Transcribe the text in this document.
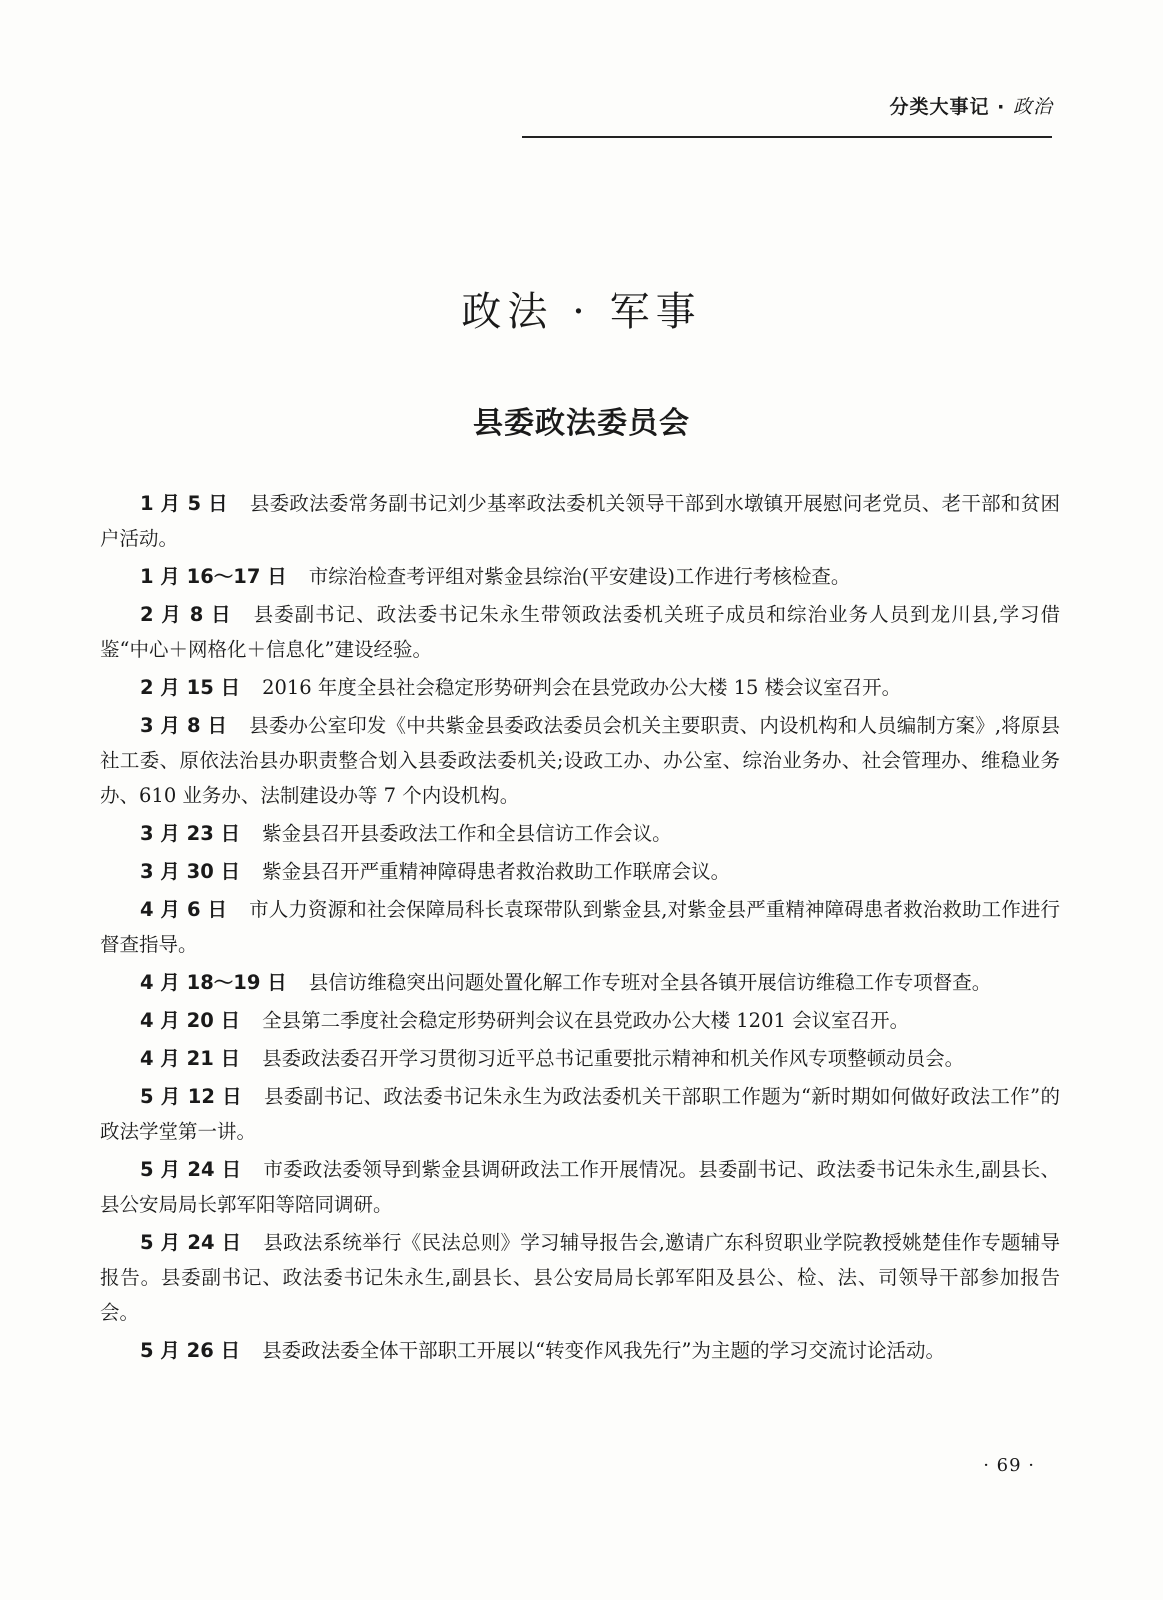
分类大事记 · 政治
政法 · 军事
县委政法委员会

1 月 5 日 县委政法委常务副书记刘少基率政法委机关领导干部到水墩镇开展慰问老党员、老干部和贫困户活动。

1 月 16～17 日 市综治检查考评组对紫金县综治(平安建设)工作进行考核检查。

2 月 8 日 县委副书记、政法委书记朱永生带领政法委机关班子成员和综治业务人员到龙川县,学习借鉴“中心＋网格化＋信息化”建设经验。

2 月 15 日 2016 年度全县社会稳定形势研判会在县党政办公大楼 15 楼会议室召开。

3 月 8 日 县委办公室印发《中共紫金县委政法委员会机关主要职责、内设机构和人员编制方案》,将原县社工委、原依法治县办职责整合划入县委政法委机关;设政工办、办公室、综治业务办、社会管理办、维稳业务办、610 业务办、法制建设办等 7 个内设机构。

3 月 23 日 紫金县召开县委政法工作和全县信访工作会议。

3 月 30 日 紫金县召开严重精神障碍患者救治救助工作联席会议。

4 月 6 日 市人力资源和社会保障局科长袁琛带队到紫金县,对紫金县严重精神障碍患者救治救助工作进行督查指导。

4 月 18～19 日 县信访维稳突出问题处置化解工作专班对全县各镇开展信访维稳工作专项督查。

4 月 20 日 全县第二季度社会稳定形势研判会议在县党政办公大楼 1201 会议室召开。

4 月 21 日 县委政法委召开学习贯彻习近平总书记重要批示精神和机关作风专项整顿动员会。

5 月 12 日 县委副书记、政法委书记朱永生为政法委机关干部职工作题为“新时期如何做好政法工作”的政法学堂第一讲。

5 月 24 日 市委政法委领导到紫金县调研政法工作开展情况。县委副书记、政法委书记朱永生,副县长、县公安局局长郭军阳等陪同调研。

5 月 24 日 县政法系统举行《民法总则》学习辅导报告会,邀请广东科贸职业学院教授姚楚佳作专题辅导报告。县委副书记、政法委书记朱永生,副县长、县公安局局长郭军阳及县公、检、法、司领导干部参加报告会。

5 月 26 日 县委政法委全体干部职工开展以“转变作风我先行”为主题的学习交流讨论活动。

· 69 ·
